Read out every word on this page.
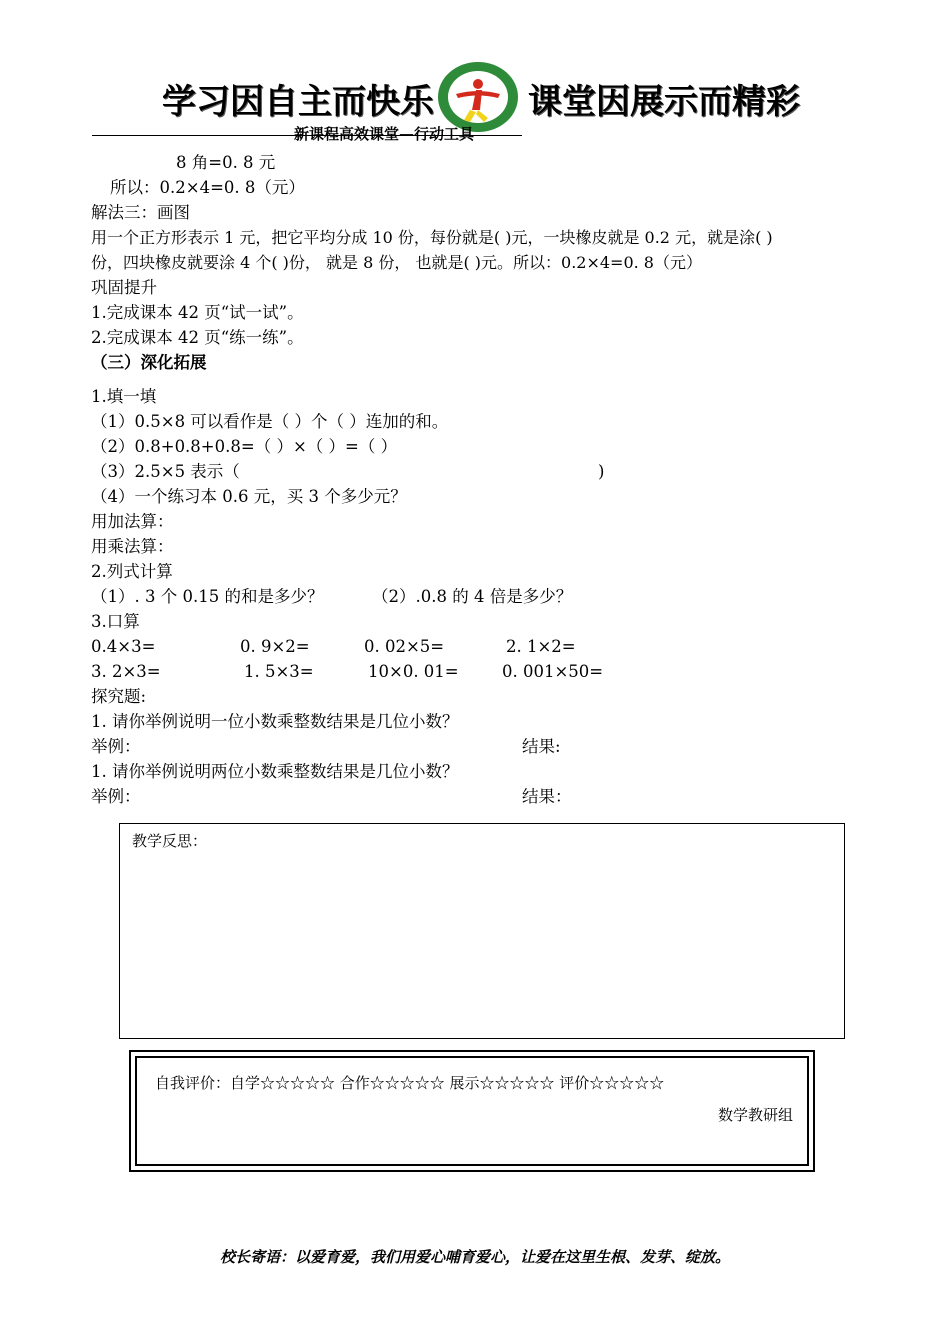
学习因自主而快乐	课堂因展示而精彩
新课程高效课堂—行动工具
8 角=0. 8 元
所以：0.2×4=0. 8（元）
解法三：画图
用一个正方形表示 1 元，把它平均分成 10 份，每份就是( )元，一块橡皮就是 0.2 元，就是涂( )
份，四块橡皮就要涂 4 个( )份， 就是 8 份， 也就是( )元。所以：0.2×4=0. 8（元）
巩固提升
1.完成课本 42 页“试一试”。
2.完成课本 42 页“练一练”。
（三）深化拓展
1.填一填
（1）0.5×8 可以看作是（ ）个（ ）连加的和。
（2）0.8+0.8+0.8=（ ）×（ ）=（ ）
（3）2.5×5 表示（	)
（4）一个练习本 0.6 元，买 3 个多少元？
用加法算：
用乘法算：
2.列式计算
（1）. 3 个 0.15 的和是多少？	（2）.0.8 的 4 倍是多少？
3.口算
0.4×3=	0. 9×2=	0. 02×5=	2. 1×2=
3. 2×3=	1. 5×3=	10×0. 01=	0. 001×50=
探究题:
1. 请你举例说明一位小数乘整数结果是几位小数？
举例：	结果:
1. 请你举例说明两位小数乘整数结果是几位小数？
举例：	结果：
教学反思：
自我评价：自学☆☆☆☆☆ 合作☆☆☆☆☆ 展示☆☆☆☆☆ 评价☆☆☆☆☆
数学教研组
校长寄语：以爱育爱，我们用爱心哺育爱心，让爱在这里生根、发芽、绽放。
